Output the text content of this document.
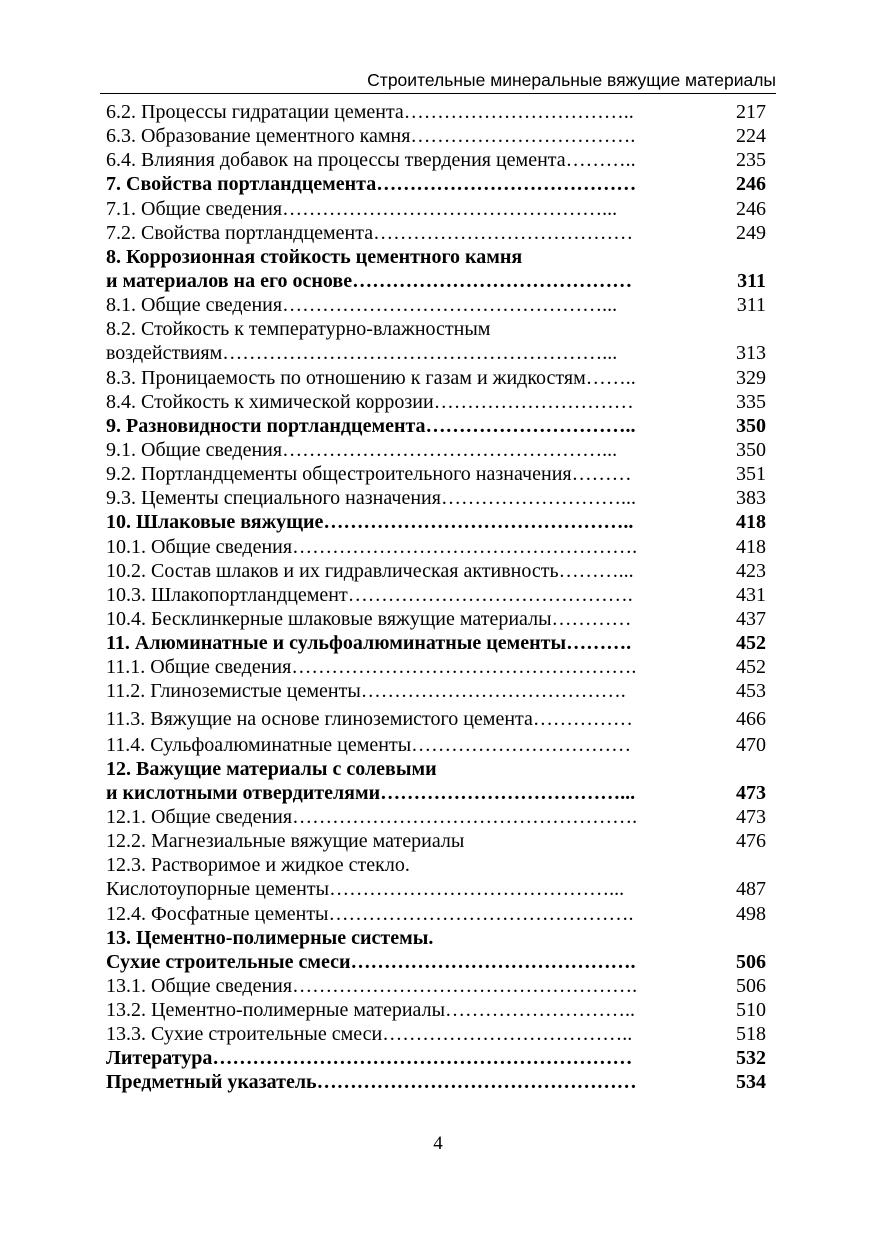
Строительные минеральные вяжущие материалы
6.2. Процессы гидратации цемента……………………………..	217
6.3. Образование цементного камня…………………………….	224
6.4. Влияния добавок на процессы твердения цемента………..	235
7. Свойства портландцемента…………………………………	246
7.1. Общие сведения…………………………………………...	246
7.2. Свойства портландцемента…………………………………	249
8. Коррозионная стойкость цементного камня
и материалов на его основе……………………………………	311
8.1. Общие сведения…………………………………………...	311
8.2. Стойкость к температурно-влажностным
воздействиям…………………………………………………...	313
8.3. Проницаемость по отношению к газам и жидкостям……..	329
8.4. Стойкость к химической коррозии…………………………	335
9. Разновидности портландцемента…………………………..	350
9.1. Общие сведения…………………………………………...	350
9.2. Портландцементы общестроительного назначения………	351
9.3. Цементы специального назначения………………………...	383
10. Шлаковые вяжущие………………………………………..	418
10.1. Общие сведения…………………………………………….	418
10.2. Состав шлаков и их гидравлическая активность………...	423
10.3. Шлакопортландцемент…………………………………….	431
10.4. Бесклинкерные шлаковые вяжущие материалы…………	437
11. Алюминатные и сульфоалюминатные цементы……….	452
11.1. Общие сведения…………………………………………….	452
11.2. Глиноземистые цементы………………………………….	453
11.3. Вяжущие на основе глиноземистого цемента……………	466
11.4. Сульфоалюминатные цементы……………………………	470
12. Важущие материалы с солевыми
и кислотными отвердителями………………………………...	473
12.1. Общие сведения…………………………………………….	473
12.2. Магнезиальные вяжущие материалы	476
12.3. Растворимое и жидкое стекло.
Кислотоупорные цементы……………………………………...	487
12.4. Фосфатные цементы……………………………………….	498
13. Цементно-полимерные системы.
Сухие строительные смеси…………………………………….	506
13.1. Общие сведения…………………………………………….	506
13.2. Цементно-полимерные материалы………………………..	510
13.3. Сухие строительные смеси………………………………..	518
Литература………………………………………………………	532
Предметный указатель…………………………………………	534
4
